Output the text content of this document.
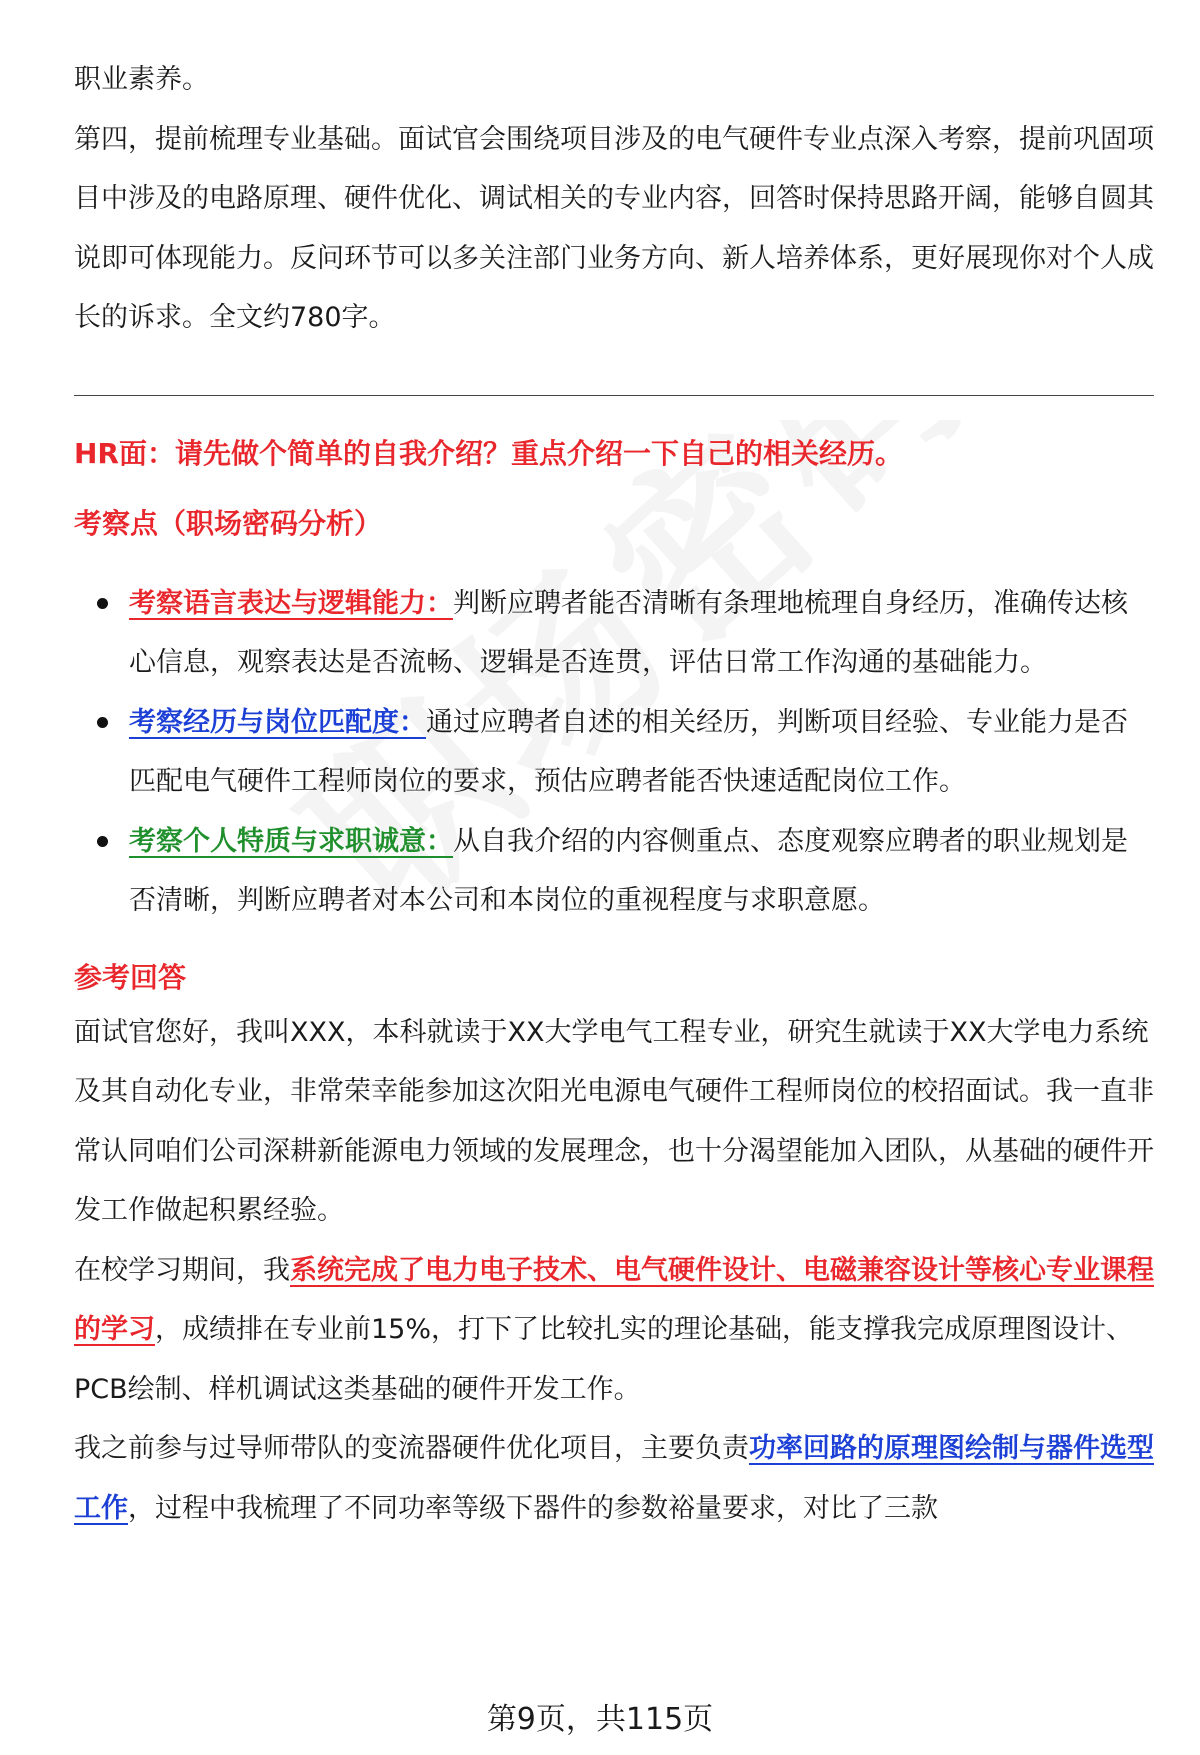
职业素养。

第四，提前梳理专业基础。面试官会围绕项目涉及的电气硬件专业点深入考察，提前巩固项目中涉及的电路原理、硬件优化、调试相关的专业内容，回答时保持思路开阔，能够自圆其说即可体现能力。反问环节可以多关注部门业务方向、新人培养体系，更好展现你对个人成长的诉求。全文约780字。

HR面：请先做个简单的自我介绍？重点介绍一下自己的相关经历。

考察点（职场密码分析）

考察语言表达与逻辑能力：判断应聘者能否清晰有条理地梳理自身经历，准确传达核心信息，观察表达是否流畅、逻辑是否连贯，评估日常工作沟通的基础能力。
考察经历与岗位匹配度：通过应聘者自述的相关经历，判断项目经验、专业能力是否匹配电气硬件工程师岗位的要求，预估应聘者能否快速适配岗位工作。
考察个人特质与求职诚意：从自我介绍的内容侧重点、态度观察应聘者的职业规划是否清晰，判断应聘者对本公司和本岗位的重视程度与求职意愿。

参考回答

面试官您好，我叫XXX，本科就读于XX大学电气工程专业，研究生就读于XX大学电力系统及其自动化专业，非常荣幸能参加这次阳光电源电气硬件工程师岗位的校招面试。我一直非常认同咱们公司深耕新能源电力领域的发展理念，也十分渴望能加入团队，从基础的硬件开发工作做起积累经验。

在校学习期间，我系统完成了电力电子技术、电气硬件设计、电磁兼容设计等核心专业课程的学习，成绩排在专业前15%，打下了比较扎实的理论基础，能支撑我完成原理图设计、PCB绘制、样机调试这类基础的硬件开发工作。

我之前参与过导师带队的变流器硬件优化项目，主要负责功率回路的原理图绘制与器件选型工作，过程中我梳理了不同功率等级下器件的参数裕量要求，对比了三款

第9页，共115页
